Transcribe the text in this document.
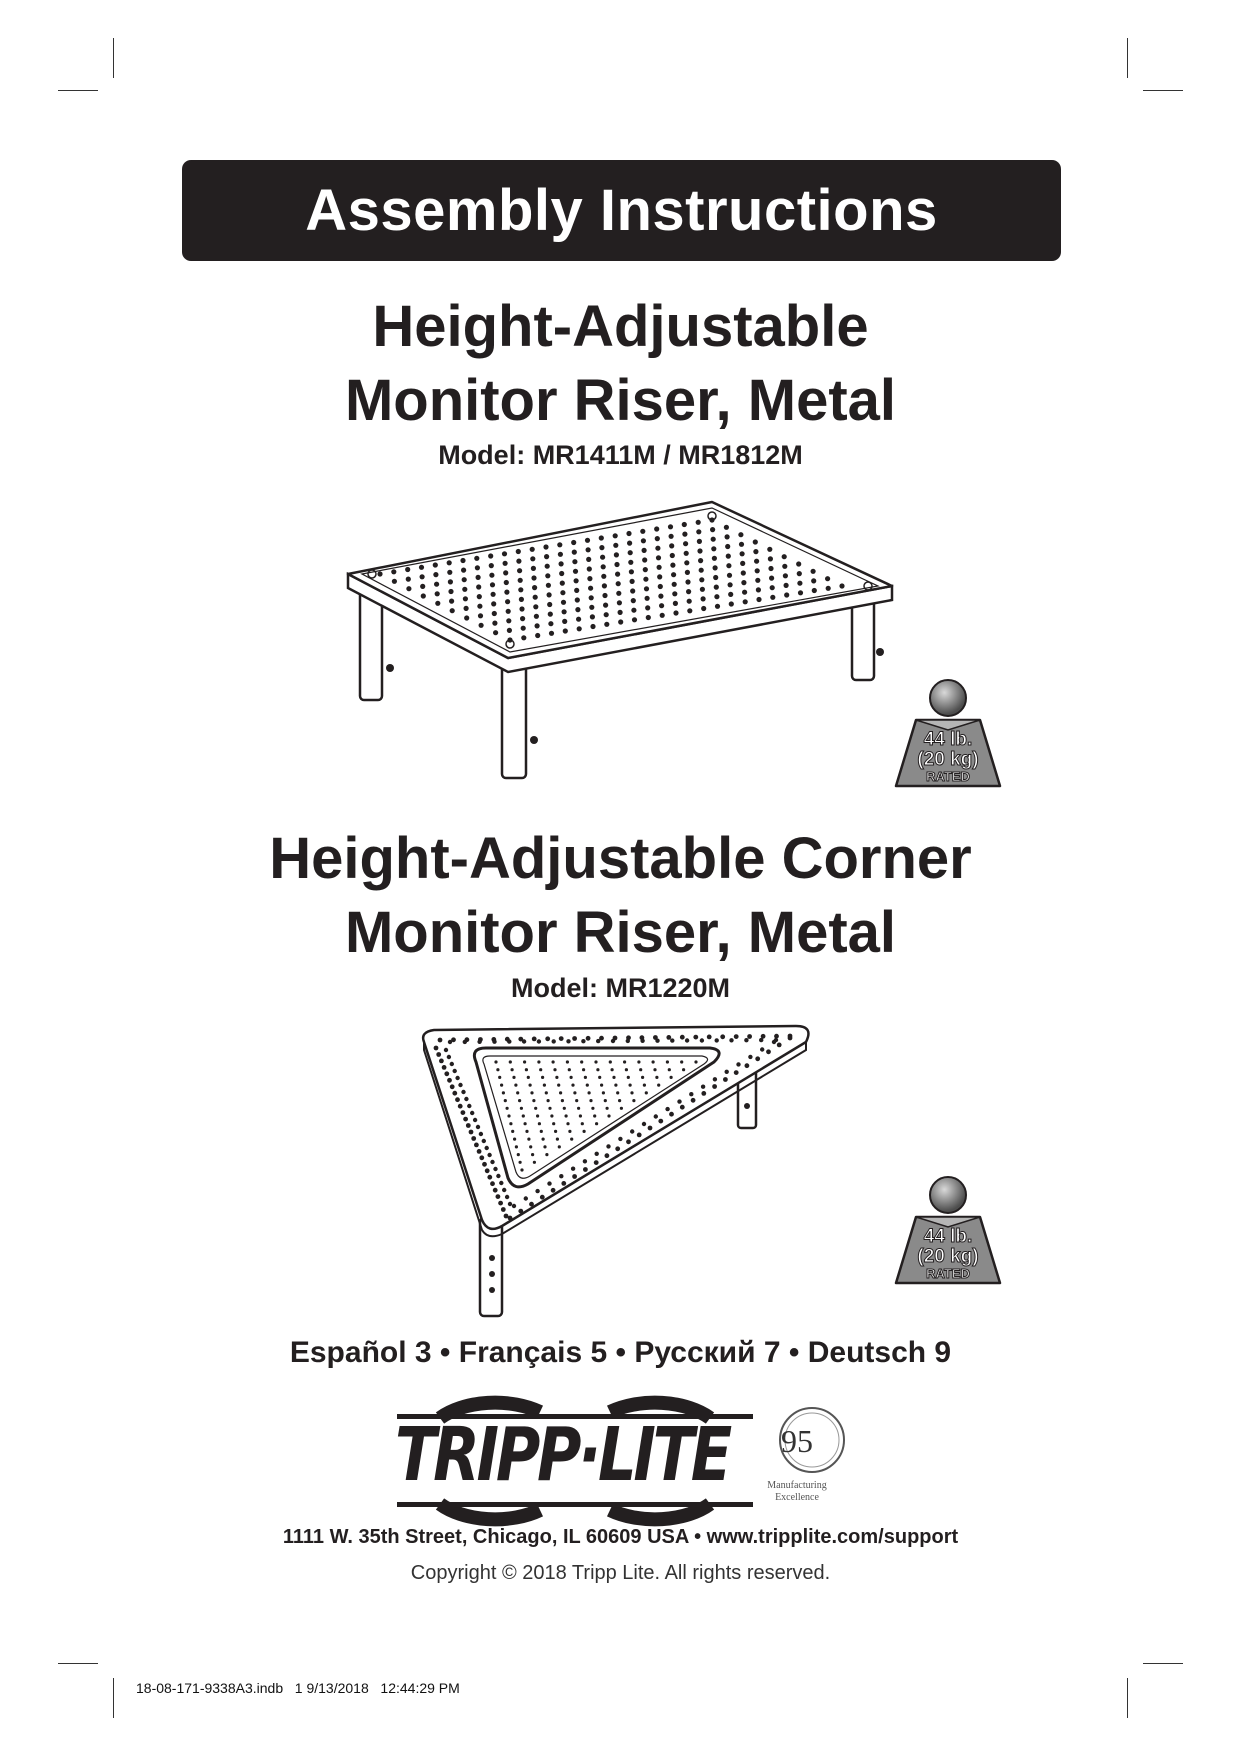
Assembly Instructions
Height-Adjustable
Monitor Riser, Metal
Model: MR1411M / MR1812M
44 lb.
(20 kg)
RATED
Height-Adjustable Corner
Monitor Riser, Metal
Model: MR1220M
44 lb.
(20 kg)
RATED
Español 3 • Français 5 • Русский 7 • Deutsch 9
TRIPP·LITE	95
Manufacturing
Excellence
1111 W. 35th Street, Chicago, IL 60609 USA • www.tripplite.com/support
Copyright © 2018 Tripp Lite. All rights reserved.
18-08-171-9338A3.indb   1 9/13/2018   12:44:29 PM
